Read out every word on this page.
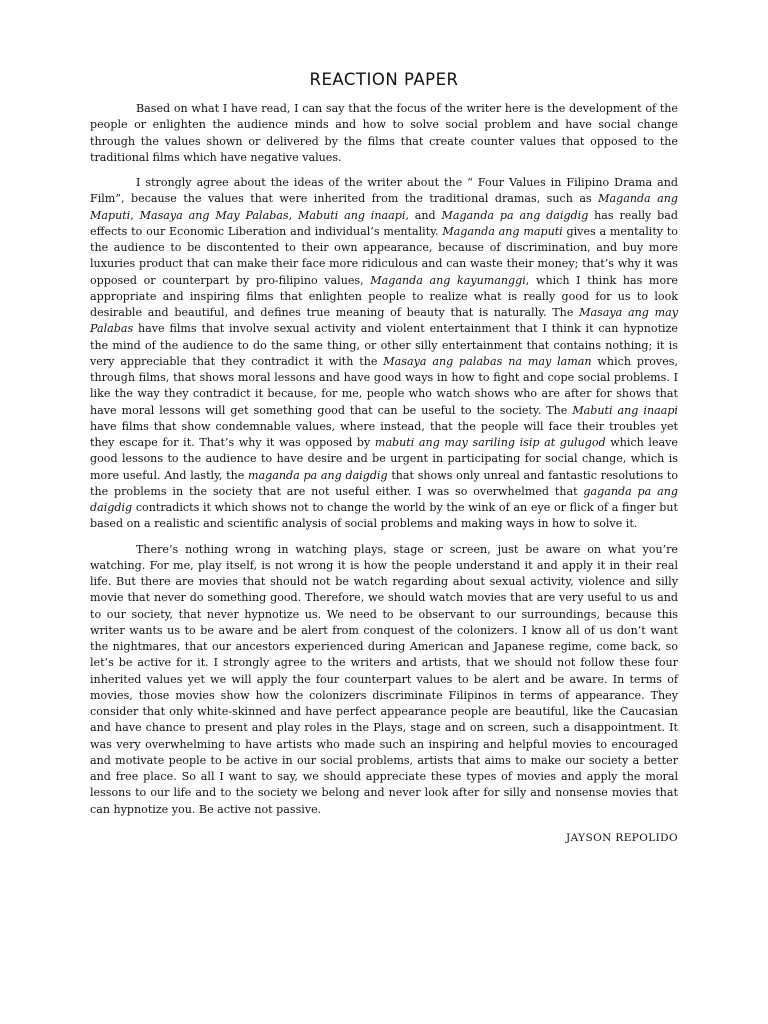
REACTION PAPER

Based on what I have read, I can say that the focus of the writer here is the development of the people or enlighten the audience minds and how to solve social problem and have social change through the values shown or delivered by the films that create counter values that opposed to the traditional films which have negative values.

I strongly agree about the ideas of the writer about the “ Four Values in Filipino Drama and Film”, because the values that were inherited from the traditional dramas, such as Maganda ang Maputi, Masaya ang May Palabas, Mabuti ang inaapi, and Maganda pa ang daigdig has really bad effects to our Economic Liberation and individual’s mentality. Maganda ang maputi gives a mentality to the audience to be discontented to their own appearance, because of discrimination, and buy more luxuries product that can make their face more ridiculous and can waste their money; that’s why it was opposed or counterpart by pro-filipino values, Maganda ang kayumanggi, which I think has more appropriate and inspiring films that enlighten people to realize what is really good for us to look desirable and beautiful, and defines true meaning of beauty that is naturally. The Masaya ang may Palabas have films that involve sexual activity and violent entertainment that I think it can hypnotize the mind of the audience to do the same thing, or other silly entertainment that contains nothing; it is very appreciable that they contradict it with the Masaya ang palabas na may laman which proves, through films, that shows moral lessons and have good ways in how to fight and cope social problems. I like the way they contradict it because, for me, people who watch shows who are after for shows that have moral lessons will get something good that can be useful to the society. The Mabuti ang inaapi have films that show condemnable values, where instead, that the people will face their troubles yet they escape for it. That’s why it was opposed by mabuti ang may sariling isip at gulugod which leave good lessons to the audience to have desire and be urgent in participating for social change, which is more useful. And lastly, the maganda pa ang daigdig that shows only unreal and fantastic resolutions to the problems in the society that are not useful either. I was so overwhelmed that gaganda pa ang daigdig contradicts it which shows not to change the world by the wink of an eye or flick of a finger but based on a realistic and scientific analysis of social problems and making ways in how to solve it.

There’s nothing wrong in watching plays, stage or screen, just be aware on what you’re watching. For me, play itself, is not wrong it is how the people understand it and apply it in their real life. But there are movies that should not be watch regarding about sexual activity, violence and silly movie that never do something good. Therefore, we should watch movies that are very useful to us and to our society, that never hypnotize us. We need to be observant to our surroundings, because this writer wants us to be aware and be alert from conquest of the colonizers. I know all of us don’t want the nightmares, that our ancestors experienced during American and Japanese regime, come back, so let’s be active for it. I strongly agree to the writers and artists, that we should not follow these four inherited values yet we will apply the four counterpart values to be alert and be aware. In terms of movies, those movies show how the colonizers discriminate Filipinos in terms of appearance. They consider that only white-skinned and have perfect appearance people are beautiful, like the Caucasian and have chance to present and play roles in the Plays, stage and on screen, such a disappointment. It was very overwhelming to have artists who made such an inspiring and helpful movies to encouraged and motivate people to be active in our social problems, artists that aims to make our society a better and free place. So all I want to say, we should appreciate these types of movies and apply the moral lessons to our life and to the society we belong and never look after for silly and nonsense movies that can hypnotize you. Be active not passive.

JAYSON REPOLIDO
